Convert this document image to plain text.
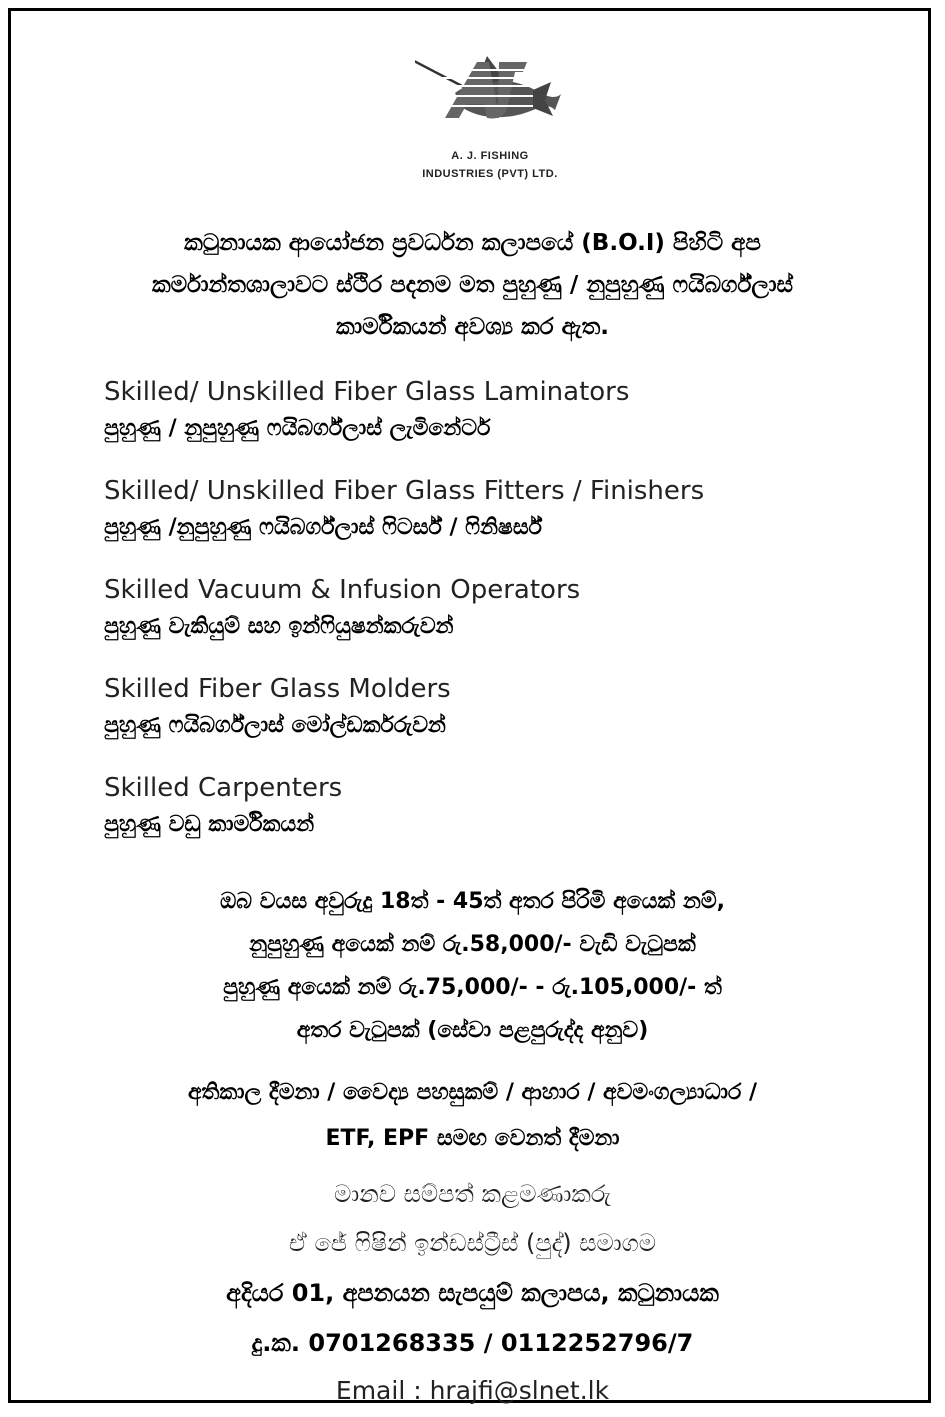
A. J. FISHING
INDUSTRIES (PVT) LTD.

කටුනායක ආයෝජන ප්‍රවර්ධන කලාපයේ (B.O.I) පිහිටි අප

කර්මාන්තශාලාවට ස්ථිර පදනම මත පුහුණු / නුපුහුණු ෆයිබර්ග්ලාස්

කාර්මිකයන් අවශ්‍ය කර ඇත.

Skilled/ Unskilled Fiber Glass Laminators
පුහුණු / නුපුහුණු ෆයිබර්ග්ලාස් ලැමිනේටර්
Skilled/ Unskilled Fiber Glass Fitters / Finishers
පුහුණු /නුපුහුණු ෆයිබර්ග්ලාස් ෆිටර්ස් / ෆිනිෂර්ස්
Skilled Vacuum & Infusion Operators
පුහුණු වැකියුම් සහ ඉන්ෆියුෂන්කරුවන්
Skilled Fiber Glass Molders
පුහුණු ෆයිබර්ග්ලාස් මෝල්ඩර්කරුවන්
Skilled Carpenters
පුහුණු වඩු කාර්මිකයන්

ඔබ වයස අවුරුදු 18ත් - 45ත් අතර පිරිමි අයෙක් නම්,

නුපුහුණු අයෙක් නම් රු.58,000/- වැඩි වැටුපක්

පුහුණු අයෙක් නම් රු.75,000/- - රු.105,000/- ත්

අතර වැටුපක් (සේවා පළපුරුද්ද අනුව)

අතිකාල දීමනා / වෛද්‍ය පහසුකම් / ආහාර / අවමංගල්‍යාධාර /

ETF, EPF සමඟ වෙනත් දීමනා

මානව සම්පත් කළමණාකරු

ඒ ජේ ෆිෂින් ඉන්ඩස්ට්‍රීස් (පුද්) සමාගම

අදියර 01, අපනයන සැපයුම් කලාපය, කටුනායක

දු.ක. 0701268335 / 0112252796/7

Email : hrajfi@slnet.lk
